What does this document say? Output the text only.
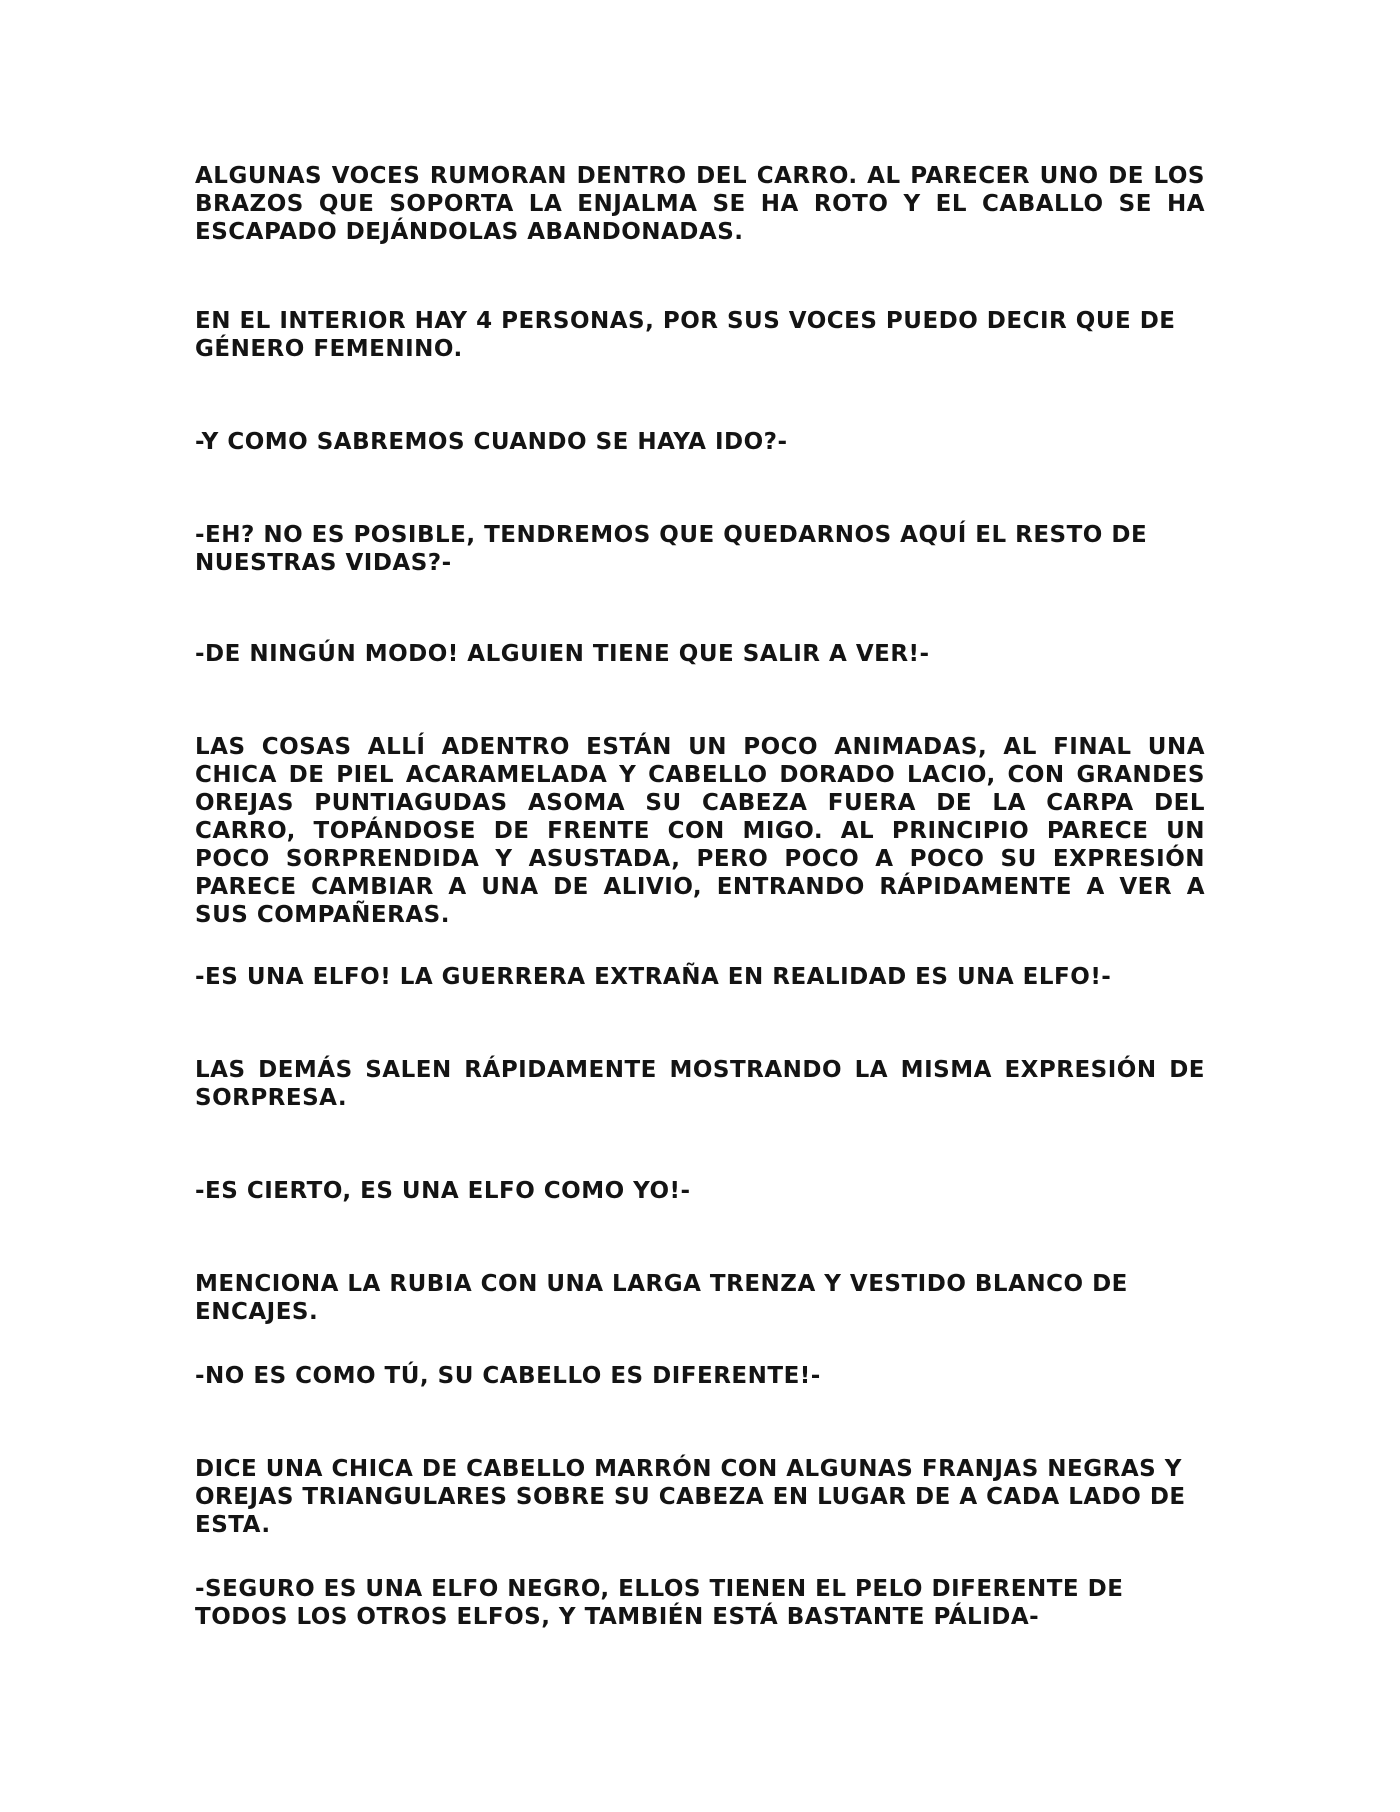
ALGUNAS VOCES RUMORAN DENTRO DEL CARRO. AL PARECER UNO DE LOS BRAZOS QUE SOPORTA LA ENJALMA SE HA ROTO Y EL CABALLO SE HA ESCAPADO DEJÁNDOLAS ABANDONADAS.

EN EL INTERIOR HAY 4 PERSONAS, POR SUS VOCES PUEDO DECIR QUE DE GÉNERO FEMENINO.

-Y COMO SABREMOS CUANDO SE HAYA IDO?-

-EH? NO ES POSIBLE, TENDREMOS QUE QUEDARNOS AQUÍ EL RESTO DE NUESTRAS VIDAS?-

-DE NINGÚN MODO! ALGUIEN TIENE QUE SALIR A VER!-

LAS COSAS ALLÍ ADENTRO ESTÁN UN POCO ANIMADAS, AL FINAL UNA CHICA DE PIEL ACARAMELADA Y CABELLO DORADO LACIO, CON GRANDES OREJAS PUNTIAGUDAS ASOMA SU CABEZA FUERA DE LA CARPA DEL CARRO, TOPÁNDOSE DE FRENTE CON MIGO. AL PRINCIPIO PARECE UN POCO SORPRENDIDA Y ASUSTADA, PERO POCO A POCO SU EXPRESIÓN PARECE CAMBIAR A UNA DE ALIVIO, ENTRANDO RÁPIDAMENTE A VER A SUS COMPAÑERAS.

-ES UNA ELFO! LA GUERRERA EXTRAÑA EN REALIDAD ES UNA ELFO!-

LAS DEMÁS SALEN RÁPIDAMENTE MOSTRANDO LA MISMA EXPRESIÓN DE SORPRESA.

-ES CIERTO, ES UNA ELFO COMO YO!-

MENCIONA LA RUBIA CON UNA LARGA TRENZA Y VESTIDO BLANCO DE ENCAJES.

-NO ES COMO TÚ, SU CABELLO ES DIFERENTE!-

DICE UNA CHICA DE CABELLO MARRÓN CON ALGUNAS FRANJAS NEGRAS Y OREJAS TRIANGULARES SOBRE SU CABEZA EN LUGAR DE A CADA LADO DE ESTA.

-SEGURO ES UNA ELFO NEGRO, ELLOS TIENEN EL PELO DIFERENTE DE TODOS LOS OTROS ELFOS, Y TAMBIÉN ESTÁ BASTANTE PÁLIDA-
